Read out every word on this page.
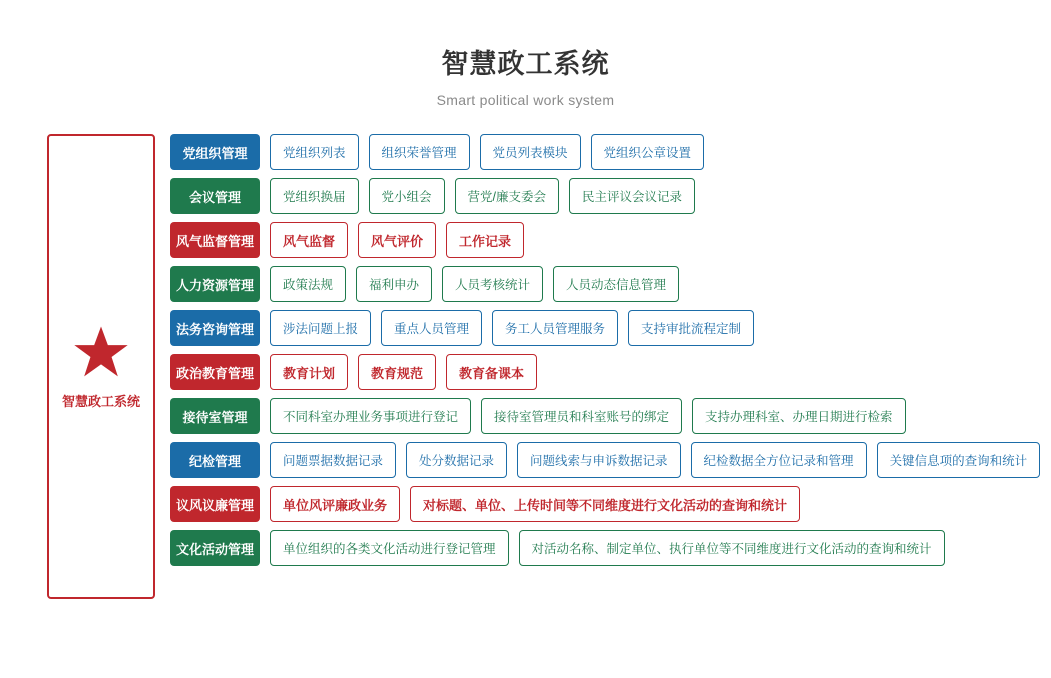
智慧政工系统
Smart political work system
智慧政工系统
党组织管理	党组织列表	组织荣誉管理	党员列表模块	党组织公章设置
会议管理	党组织换届	党小组会	营党/廉支委会	民主评议会议记录
风气监督管理	风气监督	风气评价	工作记录
人力资源管理	政策法规	福利申办	人员考核统计	人员动态信息管理
法务咨询管理	涉法问题上报	重点人员管理	务工人员管理服务	支持审批流程定制
政治教育管理	教育计划	教育规范	教育备课本
接待室管理	不同科室办理业务事项进行登记	接待室管理员和科室账号的绑定	支持办理科室、办理日期进行检索
纪检管理	问题票据数据记录	处分数据记录	问题线索与申诉数据记录	纪检数据全方位记录和管理	关键信息项的查询和统计
议风议廉管理	单位风评廉政业务	对标题、单位、上传时间等不同维度进行文化活动的查询和统计
文化活动管理	单位组织的各类文化活动进行登记管理	对活动名称、制定单位、执行单位等不同维度进行文化活动的查询和统计
